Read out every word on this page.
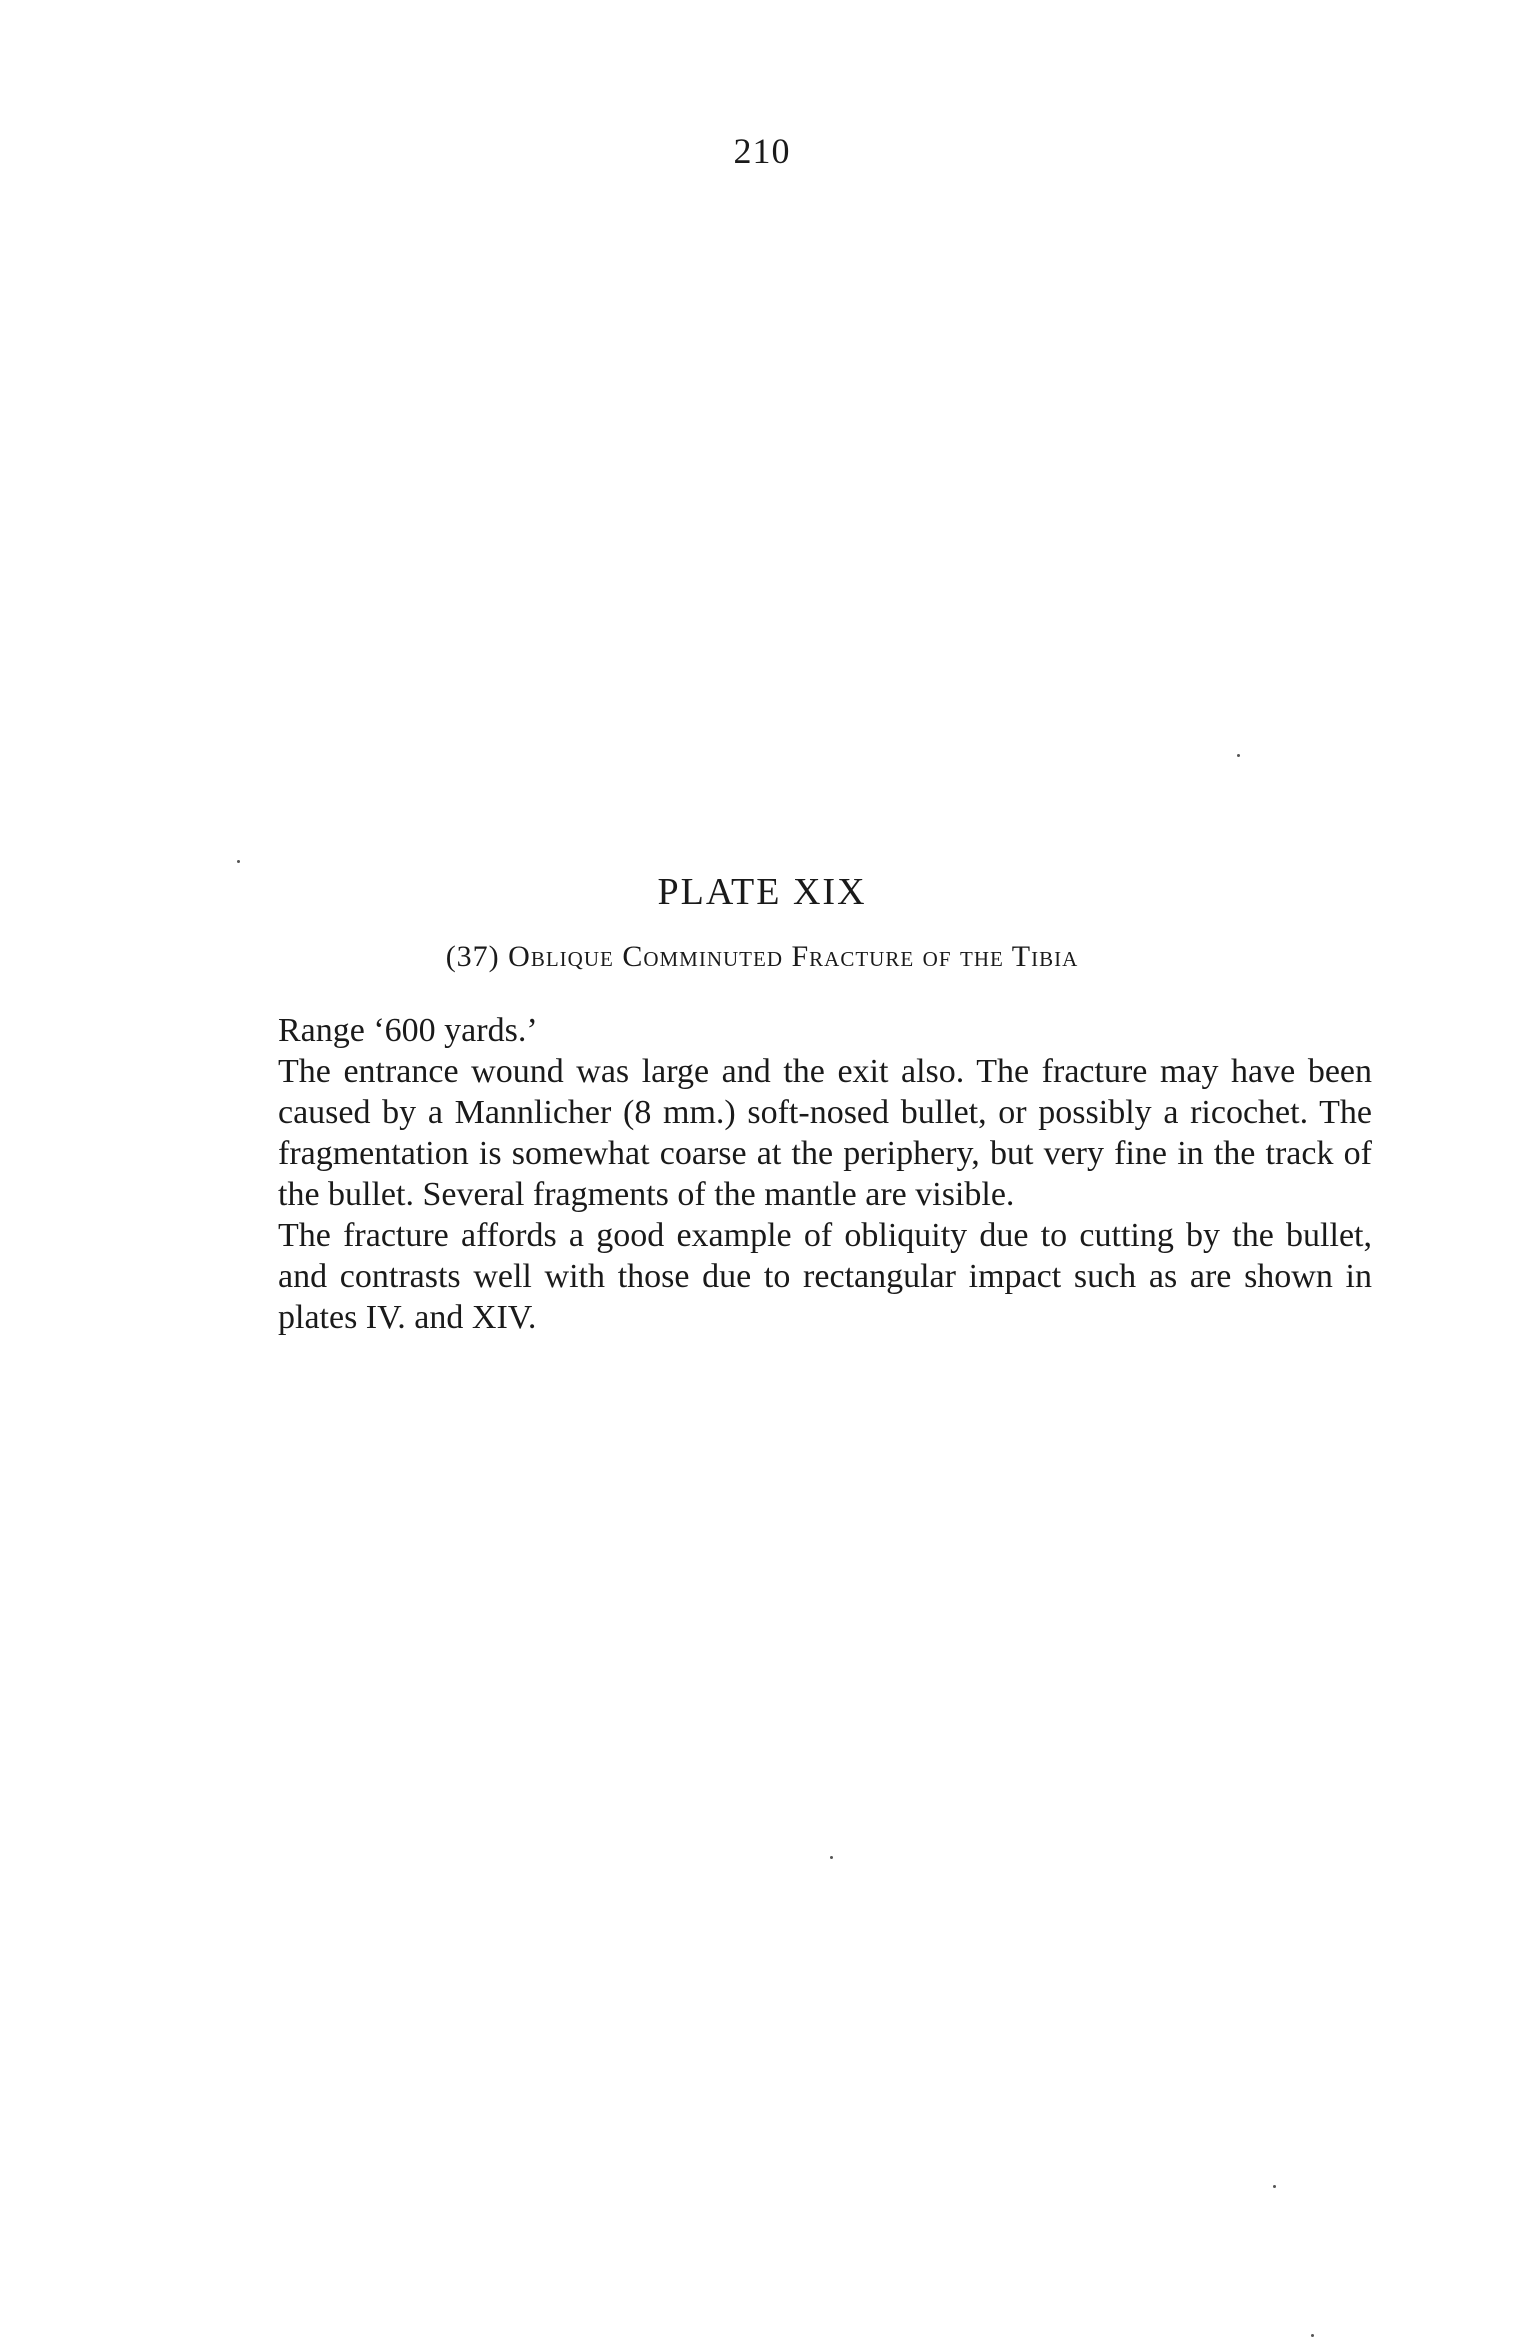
210
PLATE XIX
(37) Oblique Comminuted Fracture of the Tibia

Range ‘600 yards.’

The entrance wound was large and the exit also. The fracture may have been caused by a Mannlicher (8 mm.) soft-nosed bullet, or possibly a ricochet. The fragmentation is somewhat coarse at the periphery, but very fine in the track of the bullet. Several fragments of the mantle are visible.

The fracture affords a good example of obliquity due to cutting by the bullet, and contrasts well with those due to rectangular impact such as are shown in plates IV. and XIV.
